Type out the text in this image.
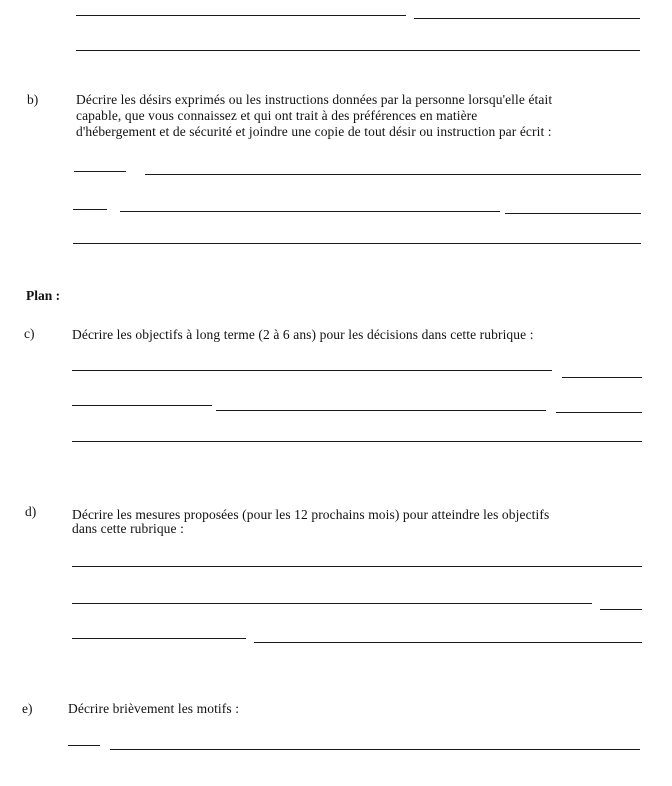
b)	Décrire les désirs exprimés ou les instructions données par la personne lorsqu'elle était
capable, que vous connaissez et qui ont trait à des préférences en matière
d'hébergement et de sécurité et joindre une copie de tout désir ou instruction par écrit :
Plan :
c)	Décrire les objectifs à long terme (2 à 6 ans) pour les décisions dans cette rubrique :
d)	Décrire les mesures proposées (pour les 12 prochains mois) pour atteindre les objectifs
dans cette rubrique :
e)	Décrire brièvement les motifs :
